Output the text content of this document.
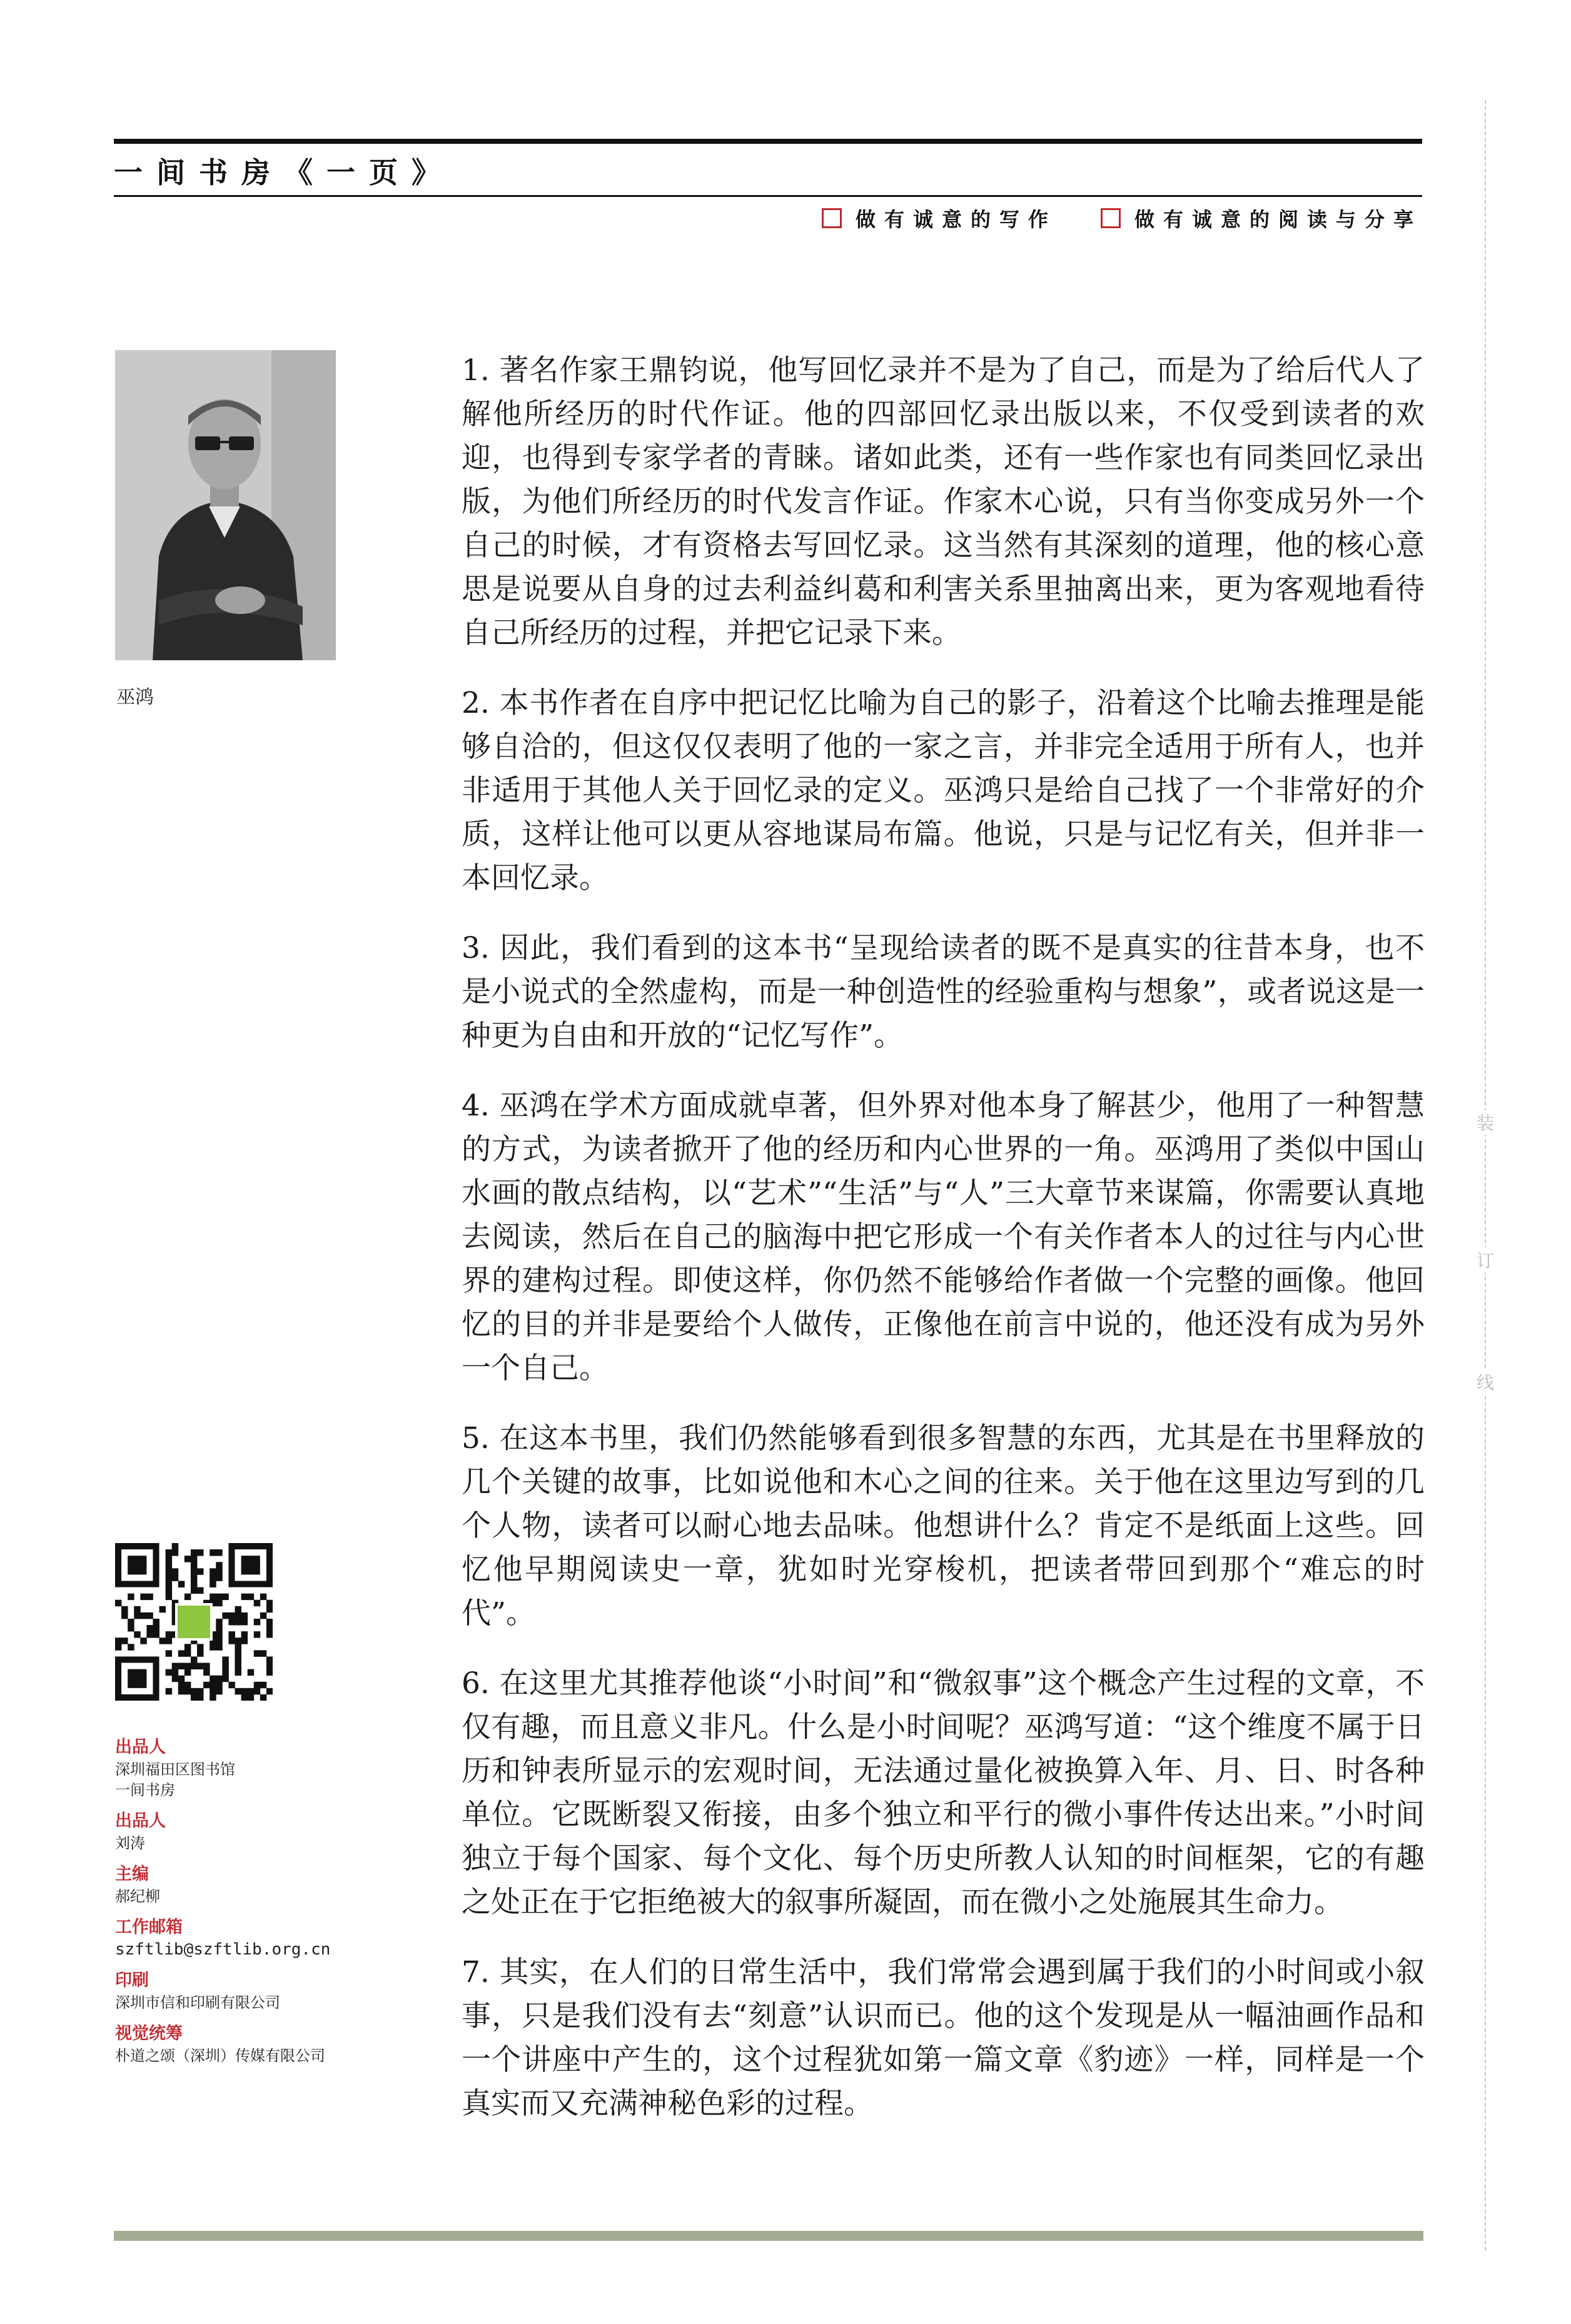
一间书房《一页》
做有诚意的写作	做有诚意的阅读与分享
巫鸿

1. 著名作家王鼎钧说，他写回忆录并不是为了自己，而是为了给后代人了解他所经历的时代作证。他的四部回忆录出版以来，不仅受到读者的欢迎，也得到专家学者的青睐。诸如此类，还有一些作家也有同类回忆录出版，为他们所经历的时代发言作证。作家木心说，只有当你变成另外一个自己的时候，才有资格去写回忆录。这当然有其深刻的道理，他的核心意思是说要从自身的过去利益纠葛和利害关系里抽离出来，更为客观地看待自己所经历的过程，并把它记录下来。

2. 本书作者在自序中把记忆比喻为自己的影子，沿着这个比喻去推理是能够自洽的，但这仅仅表明了他的一家之言，并非完全适用于所有人，也并非适用于其他人关于回忆录的定义。巫鸿只是给自己找了一个非常好的介质，这样让他可以更从容地谋局布篇。他说，只是与记忆有关，但并非一本回忆录。

3. 因此，我们看到的这本书“呈现给读者的既不是真实的往昔本身，也不是小说式的全然虚构，而是一种创造性的经验重构与想象”，或者说这是一种更为自由和开放的“记忆写作”。

4. 巫鸿在学术方面成就卓著，但外界对他本身了解甚少，他用了一种智慧的方式，为读者掀开了他的经历和内心世界的一角。巫鸿用了类似中国山水画的散点结构，以“艺术”“生活”与“人”三大章节来谋篇，你需要认真地去阅读，然后在自己的脑海中把它形成一个有关作者本人的过往与内心世界的建构过程。即使这样，你仍然不能够给作者做一个完整的画像。他回忆的目的并非是要给个人做传，正像他在前言中说的，他还没有成为另外一个自己。

5. 在这本书里，我们仍然能够看到很多智慧的东西，尤其是在书里释放的几个关键的故事，比如说他和木心之间的往来。关于他在这里边写到的几个人物，读者可以耐心地去品味。他想讲什么？肯定不是纸面上这些。回忆他早期阅读史一章，犹如时光穿梭机，把读者带回到那个“难忘的时代”。

6. 在这里尤其推荐他谈“小时间”和“微叙事”这个概念产生过程的文章，不仅有趣，而且意义非凡。什么是小时间呢？巫鸿写道：“这个维度不属于日历和钟表所显示的宏观时间，无法通过量化被换算入年、月、日、时各种单位。它既断裂又衔接，由多个独立和平行的微小事件传达出来。”小时间独立于每个国家、每个文化、每个历史所教人认知的时间框架，它的有趣之处正在于它拒绝被大的叙事所凝固，而在微小之处施展其生命力。

7. 其实，在人们的日常生活中，我们常常会遇到属于我们的小时间或小叙事，只是我们没有去“刻意”认识而已。他的这个发现是从一幅油画作品和一个讲座中产生的，这个过程犹如第一篇文章《豹迹》一样，同样是一个真实而又充满神秘色彩的过程。

出品人
深圳福田区图书馆
一间书房
出品人
刘涛
主编
郝纪柳
工作邮箱
szftlib@szftlib.org.cn
印刷
深圳市信和印刷有限公司
视觉统筹
朴道之颂（深圳）传媒有限公司
装
订
线
